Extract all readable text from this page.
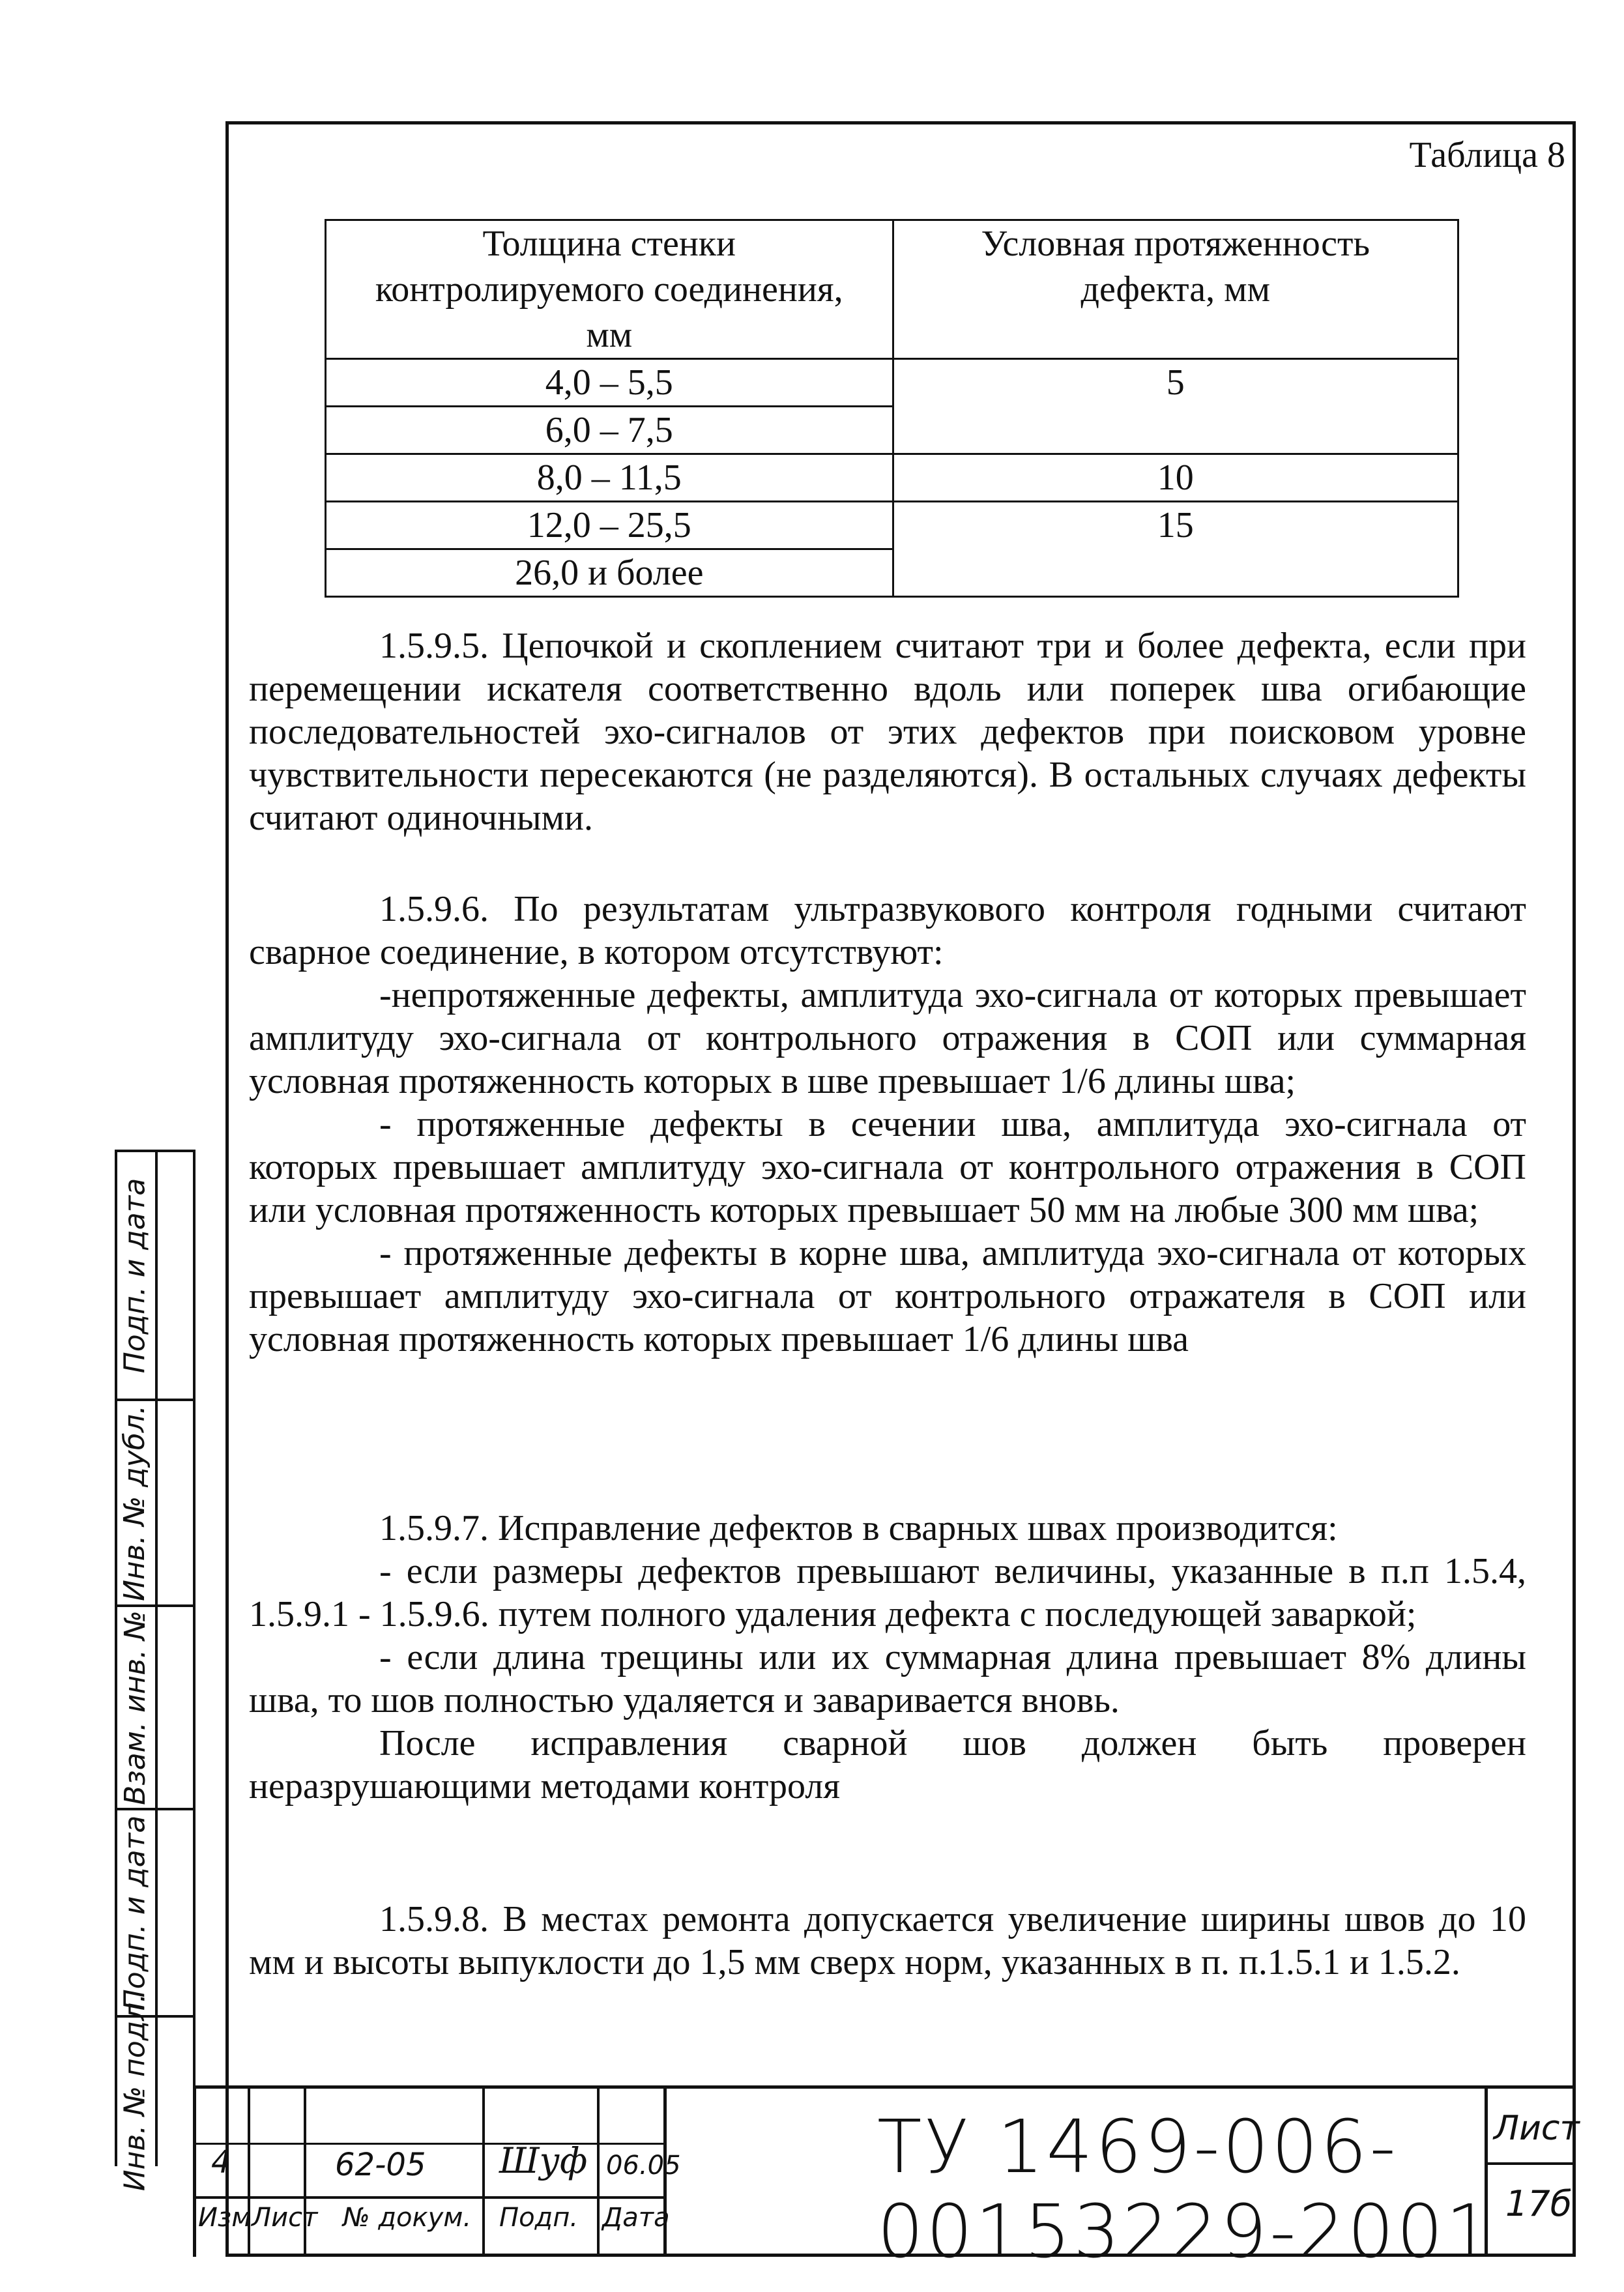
Таблица 8
Толщина стенки контролируемого соединения, мм	Условная протяженность дефекта, мм
4,0 – 5,5	5
6,0 – 7,5	
8,0 – 11,5	10
12,0 – 25,5	15
26,0 и более	

1.5.9.5. Цепочкой и скоплением считают три и более дефекта, если при перемещении искателя соответственно вдоль или поперек шва огибающие последовательностей эхо-сигналов от этих дефектов при поисковом уровне чувствительности пересекаются (не разделяются). В остальных случаях дефекты считают одиночными.

1.5.9.6. По результатам ультразвукового контроля годными считают сварное соединение, в котором отсутствуют:

-непротяженные дефекты, амплитуда эхо-сигнала от которых превышает амплитуду эхо-сигнала от контрольного отражения в СОП или суммарная условная протяженность которых в шве превышает 1/6 длины шва;

- протяженные дефекты в сечении шва, амплитуда эхо-сигнала от которых превышает амплитуду эхо-сигнала от контрольного отражения в СОП или условная протяженность которых превышает 50 мм на любые 300 мм шва;

- протяженные дефекты в корне шва, амплитуда эхо-сигнала от которых превышает амплитуду эхо-сигнала от контрольного отражателя в СОП или условная протяженность которых превышает 1/6 длины шва

1.5.9.7. Исправление дефектов в сварных швах производится:

- если размеры дефектов превышают величины, указанные в п.п 1.5.4, 1.5.9.1 - 1.5.9.6. путем полного удаления дефекта с последующей заваркой;

- если длина трещины или их суммарная длина превышает 8% длины шва, то шов полностью удаляется и заваривается вновь.

После исправления сварной шов должен быть проверен неразрушающими методами контроля

1.5.9.8. В местах ремонта допускается увеличение ширины швов до 10 мм и высоты выпуклости до 1,5 мм сверх норм, указанных в п. п.1.5.1 и 1.5.2.

Подп. и дата
Инв. № дубл.
Взам. инв. №
Подп. и дата
Инв. № подл. 4	62-05 Шуф 06.05
Изм Лист № докум. Подп. Дата
ТУ 1469-006-00153229-2001
Лист
17б
